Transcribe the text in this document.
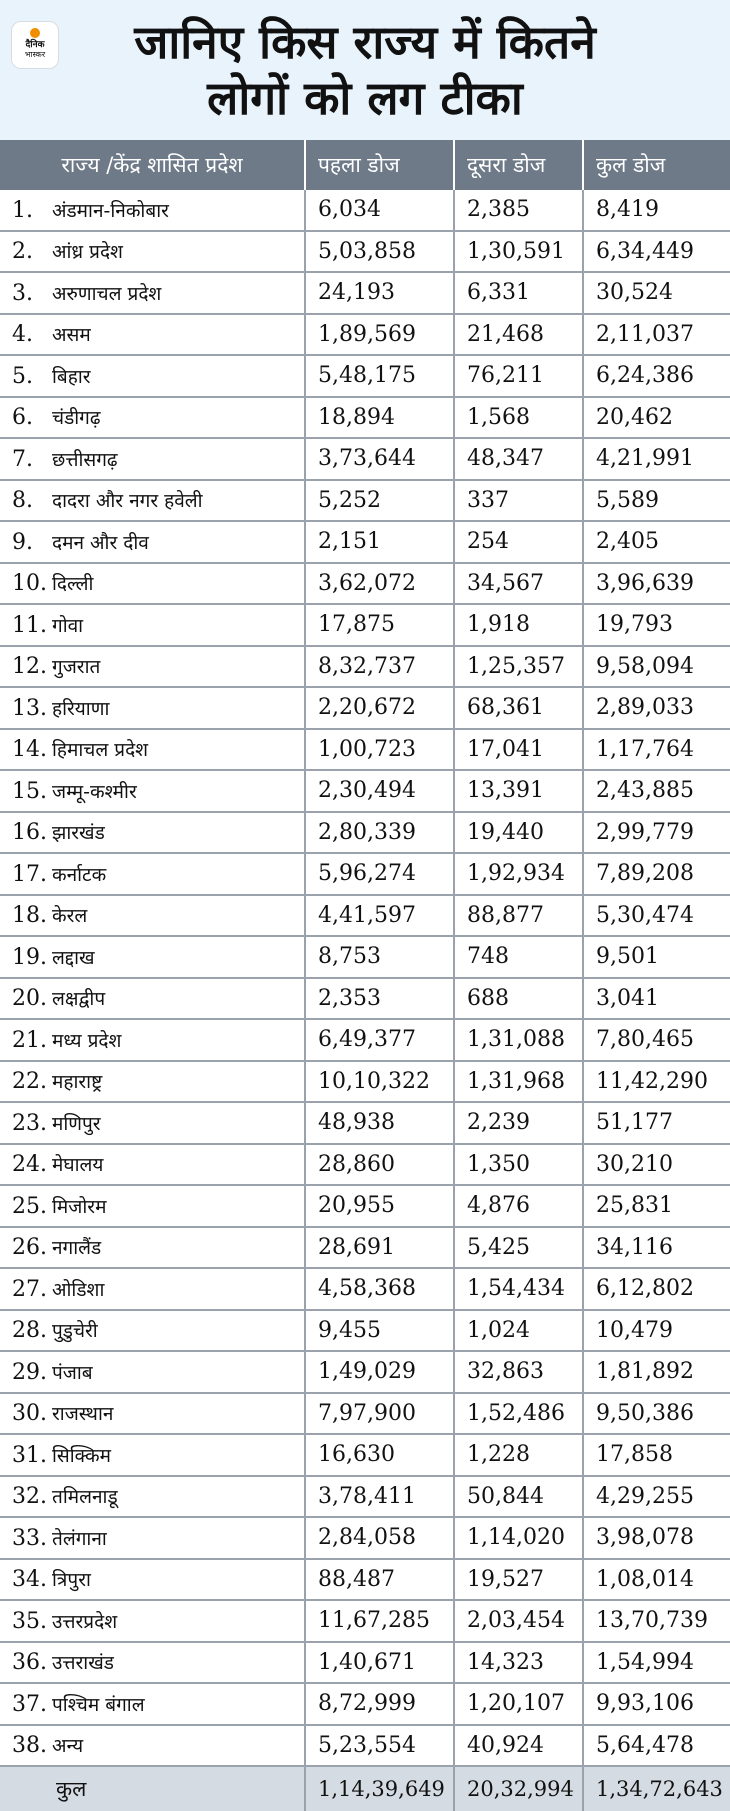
दैनिक
भास्कर	जानिए किस राज्य में कितने
लोगों को लग टीका
राज्य /केंद्र शासित प्रदेश	पहला डोज	दूसरा डोज	कुल डोज
1. अंडमान-निकोबार	6,034	2,385	8,419
2. आंध्र प्रदेश	5,03,858	1,30,591	6,34,449
3. अरुणाचल प्रदेश	24,193	6,331	30,524
4. असम	1,89,569	21,468	2,11,037
5. बिहार	5,48,175	76,211	6,24,386
6. चंडीगढ़	18,894	1,568	20,462
7. छत्तीसगढ़	3,73,644	48,347	4,21,991
8. दादरा और नगर हवेली	5,252	337	5,589
9. दमन और दीव	2,151	254	2,405
10. दिल्ली	3,62,072	34,567	3,96,639
11. गोवा	17,875	1,918	19,793
12. गुजरात	8,32,737	1,25,357	9,58,094
13. हरियाणा	2,20,672	68,361	2,89,033
14. हिमाचल प्रदेश	1,00,723	17,041	1,17,764
15. जम्मू-कश्मीर	2,30,494	13,391	2,43,885
16. झारखंड	2,80,339	19,440	2,99,779
17. कर्नाटक	5,96,274	1,92,934	7,89,208
18. केरल	4,41,597	88,877	5,30,474
19. लद्दाख	8,753	748	9,501
20. लक्षद्वीप	2,353	688	3,041
21. मध्य प्रदेश	6,49,377	1,31,088	7,80,465
22. महाराष्ट्र	10,10,322	1,31,968	11,42,290
23. मणिपुर	48,938	2,239	51,177
24. मेघालय	28,860	1,350	30,210
25. मिजोरम	20,955	4,876	25,831
26. नगालैंड	28,691	5,425	34,116
27. ओडिशा	4,58,368	1,54,434	6,12,802
28. पुडुचेरी	9,455	1,024	10,479
29. पंजाब	1,49,029	32,863	1,81,892
30. राजस्थान	7,97,900	1,52,486	9,50,386
31. सिक्किम	16,630	1,228	17,858
32. तमिलनाडू	3,78,411	50,844	4,29,255
33. तेलंगाना	2,84,058	1,14,020	3,98,078
34. त्रिपुरा	88,487	19,527	1,08,014
35. उत्तरप्रदेश	11,67,285	2,03,454	13,70,739
36. उत्तराखंड	1,40,671	14,323	1,54,994
37. पश्चिम बंगाल	8,72,999	1,20,107	9,93,106
38. अन्य	5,23,554	40,924	5,64,478
कुल	1,14,39,649	20,32,994	1,34,72,643
